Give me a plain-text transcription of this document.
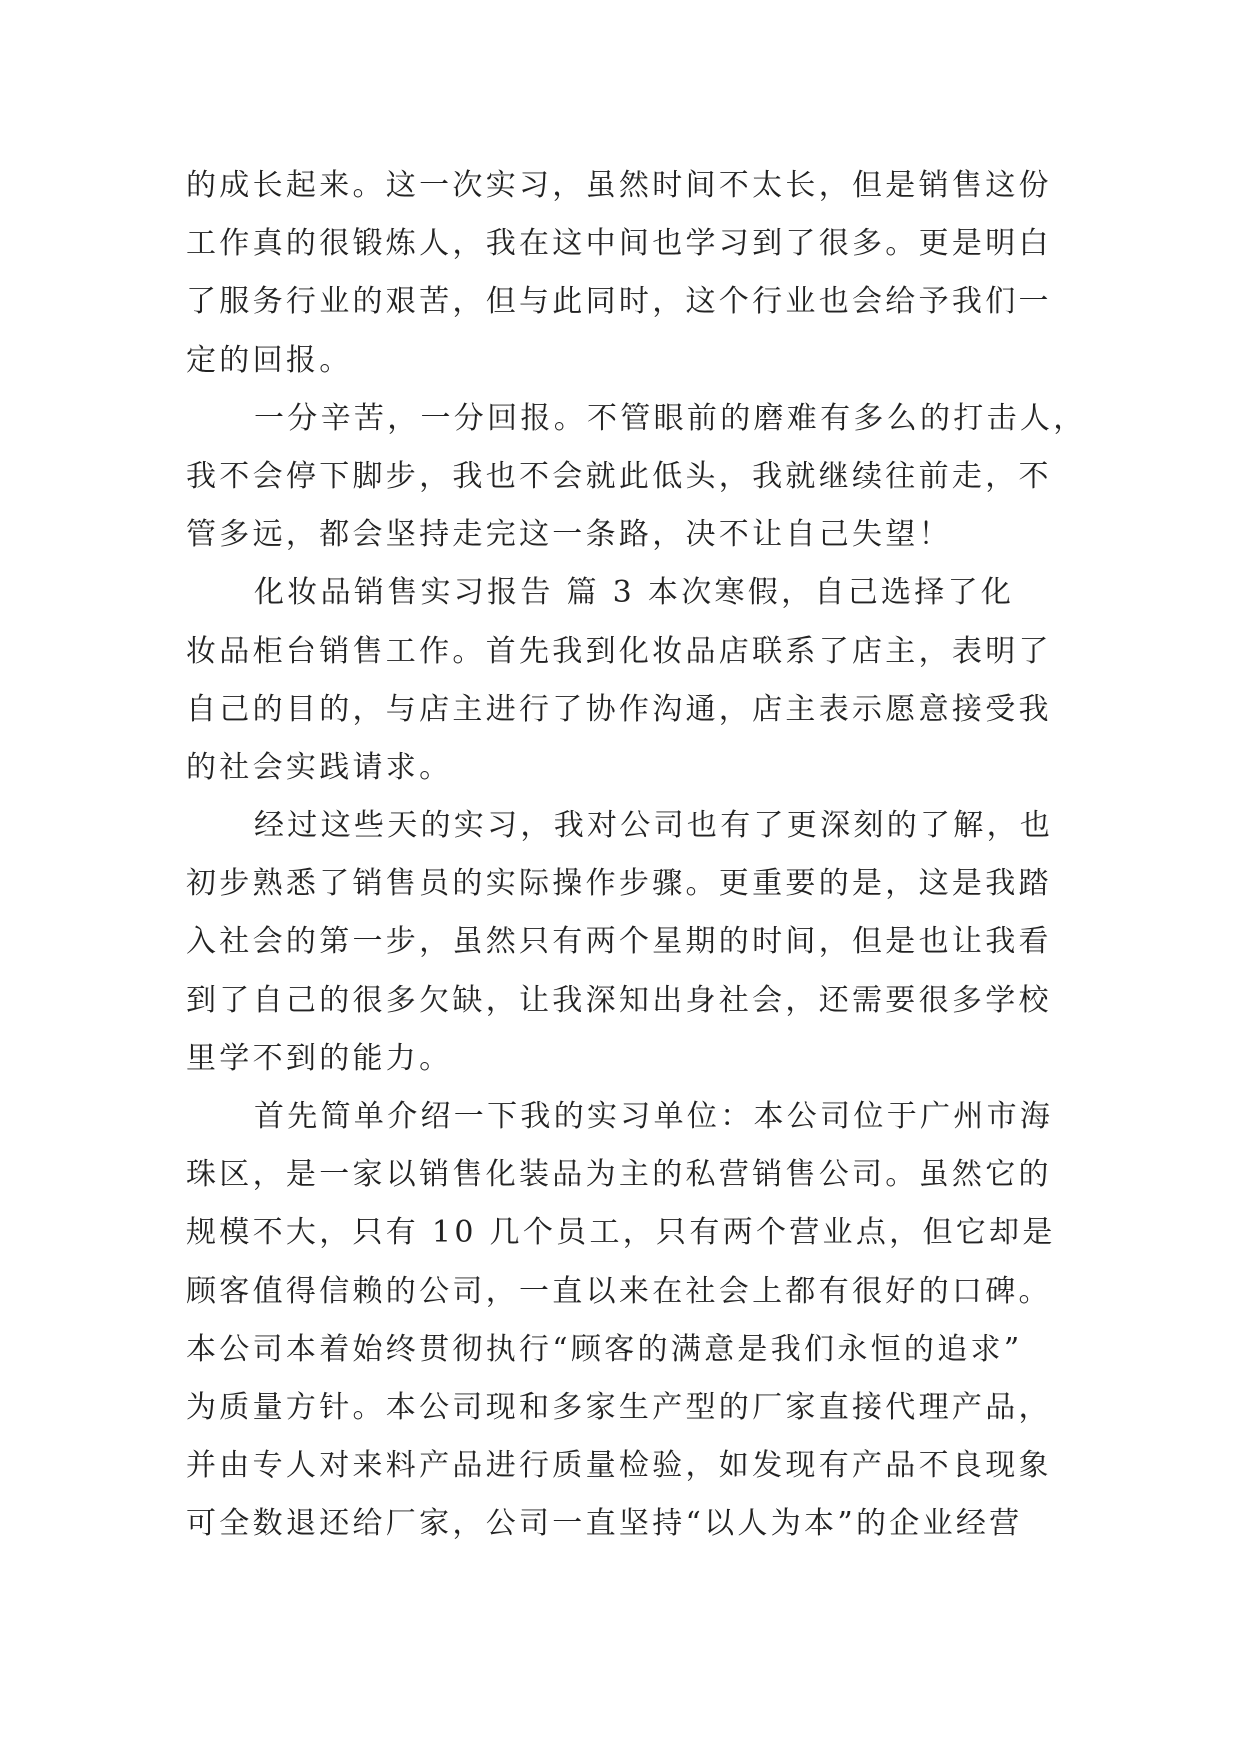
的成长起来。这一次实习，虽然时间不太长，但是销售这份
工作真的很锻炼人，我在这中间也学习到了很多。更是明白
了服务行业的艰苦，但与此同时，这个行业也会给予我们一
定的回报。
一分辛苦，一分回报。不管眼前的磨难有多么的打击人，
我不会停下脚步，我也不会就此低头，我就继续往前走，不
管多远，都会坚持走完这一条路，决不让自己失望！
化妆品销售实习报告 篇 3 本次寒假，自己选择了化
妆品柜台销售工作。首先我到化妆品店联系了店主，表明了
自己的目的，与店主进行了协作沟通，店主表示愿意接受我
的社会实践请求。
经过这些天的实习，我对公司也有了更深刻的了解，也
初步熟悉了销售员的实际操作步骤。更重要的是，这是我踏
入社会的第一步，虽然只有两个星期的时间，但是也让我看
到了自己的很多欠缺，让我深知出身社会，还需要很多学校
里学不到的能力。
首先简单介绍一下我的实习单位：本公司位于广州市海
珠区，是一家以销售化装品为主的私营销售公司。虽然它的
规模不大，只有 10 几个员工，只有两个营业点，但它却是
顾客值得信赖的公司，一直以来在社会上都有很好的口碑。
本公司本着始终贯彻执行“顾客的满意是我们永恒的追求”
为质量方针。本公司现和多家生产型的厂家直接代理产品，
并由专人对来料产品进行质量检验，如发现有产品不良现象
可全数退还给厂家，公司一直坚持“以人为本”的企业经营
